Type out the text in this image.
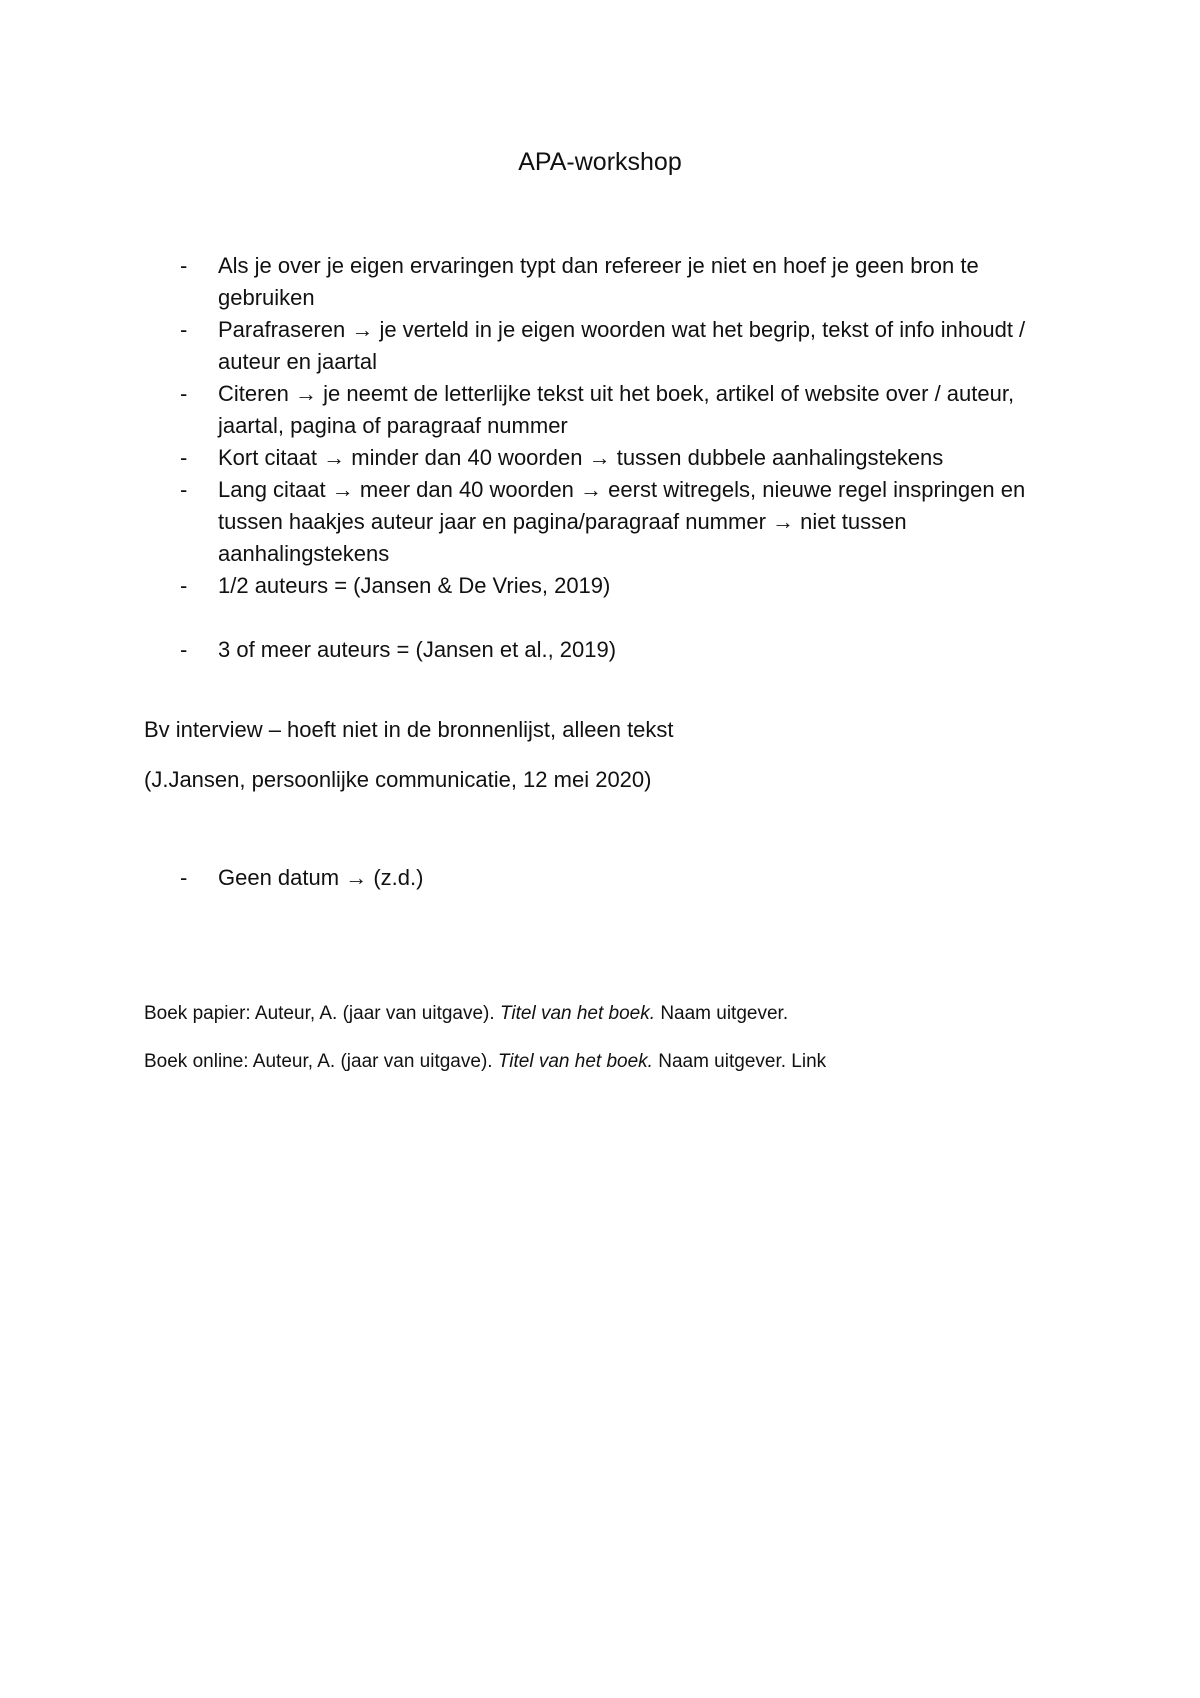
APA-workshop
- Als je over je eigen ervaringen typt dan refereer je niet en hoef je geen bron te gebruiken
- Parafraseren → je verteld in je eigen woorden wat het begrip, tekst of info inhoudt / auteur en jaartal
- Citeren → je neemt de letterlijke tekst uit het boek, artikel of website over / auteur, jaartal, pagina of paragraaf nummer
- Kort citaat → minder dan 40 woorden → tussen dubbele aanhalingstekens
- Lang citaat → meer dan 40 woorden → eerst witregels, nieuwe regel inspringen en tussen haakjes auteur jaar en pagina/paragraaf nummer → niet tussen aanhalingstekens
- 1/2 auteurs = (Jansen & De Vries, 2019)
- 3 of meer auteurs = (Jansen et al., 2019)

Bv interview – hoeft niet in de bronnenlijst, alleen tekst

(J.Jansen, persoonlijke communicatie, 12 mei 2020)

- Geen datum → (z.d.)

Boek papier: Auteur, A. (jaar van uitgave). Titel van het boek. Naam uitgever.

Boek online: Auteur, A. (jaar van uitgave). Titel van het boek. Naam uitgever. Link
